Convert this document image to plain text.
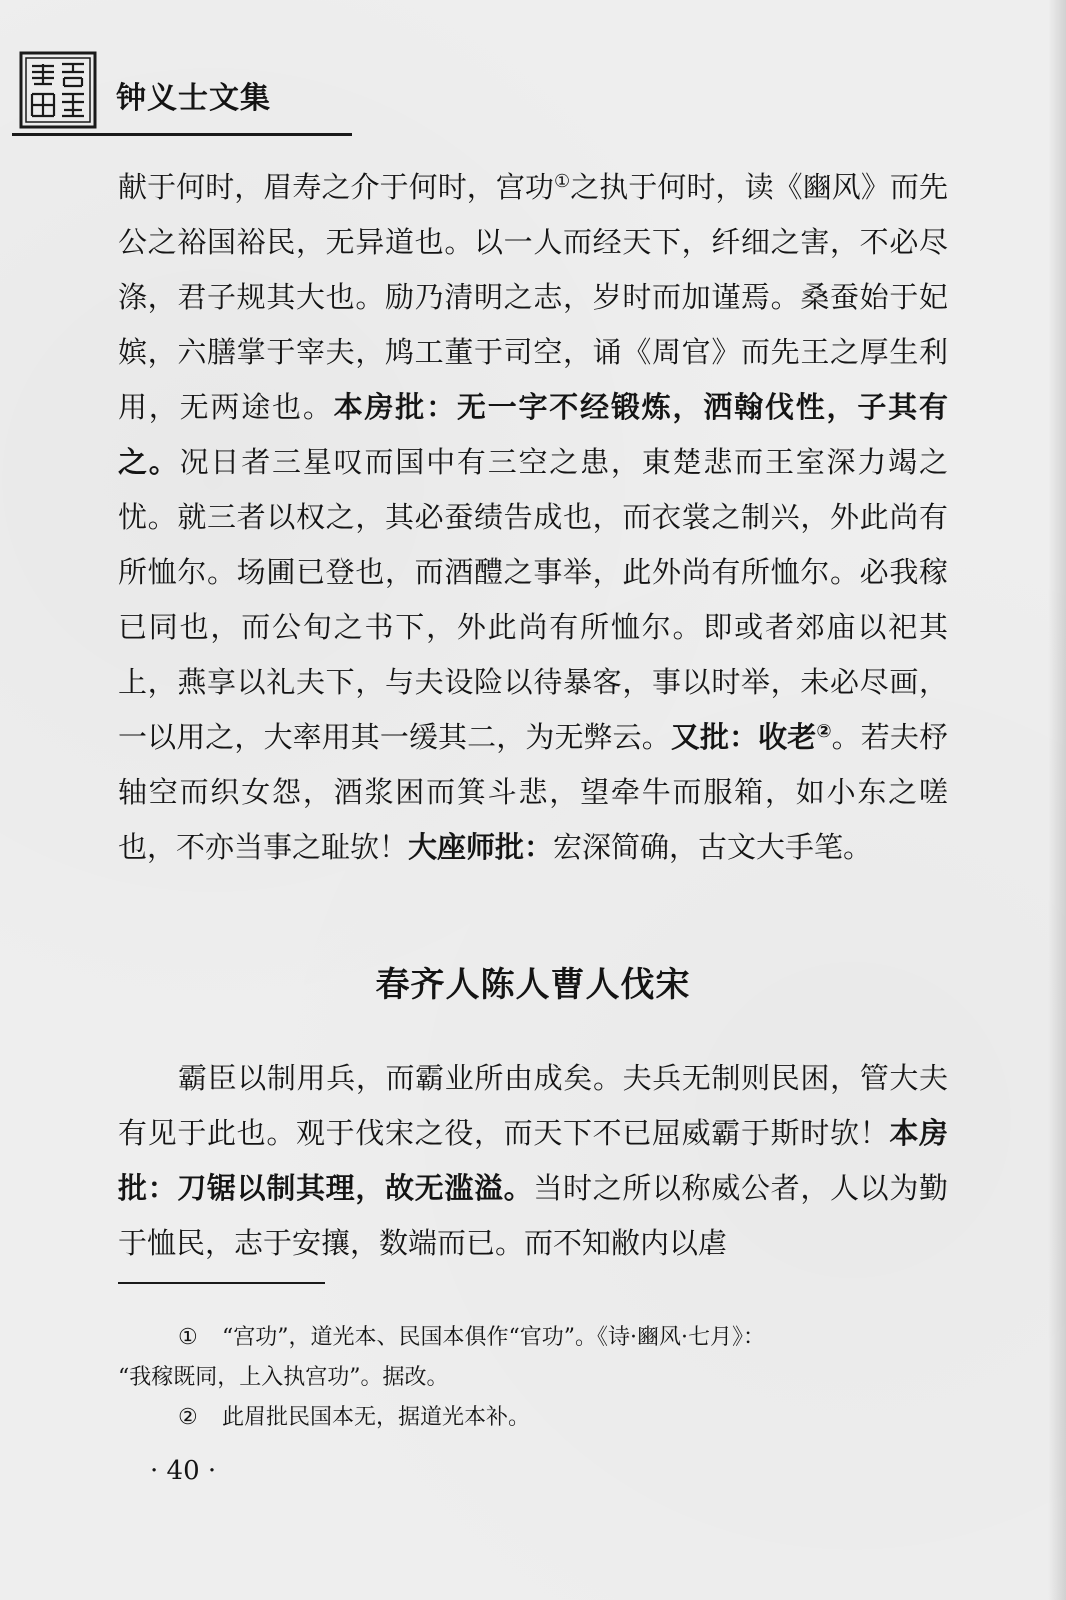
钟义士文集
献于何时，眉寿之介于何时，宫功①之执于何时，读《豳风》而先公之裕国裕民，无异道也。以一人而经天下，纤细之害，不必尽涤，君子规其大也。励乃清明之志，岁时而加谨焉。桑蚕始于妃嫔，六膳掌于宰夫，鸠工董于司空，诵《周官》而先王之厚生利用，无两途也。本房批：无一字不经锻炼，洒翰伐性，子其有之。况日者三星叹而国中有三空之患，東楚悲而王室深力竭之忧。就三者以权之，其必蚕绩告成也，而衣裳之制兴，外此尚有所恤尔。场圃已登也，而酒醴之事举，此外尚有所恤尔。必我稼已同也，而公旬之书下，外此尚有所恤尔。即或者郊庙以祀其上，燕享以礼夫下，与夫设险以待暴客，事以时举，未必尽画，一以用之，大率用其一缓其二，为无弊云。又批：收老②。若夫杼轴空而织女怨，酒浆困而箕斗悲，望牵牛而服箱，如小东之嗟也，不亦当事之耻欤！大座师批：宏深简确，古文大手笔。
春齐人陈人曹人伐宋
霸臣以制用兵，而霸业所由成矣。夫兵无制则民困，管大夫有见于此也。观于伐宋之役，而天下不已屈威霸于斯时欤！本房批：刀锯以制其理，故无滥溢。当时之所以称威公者，人以为勤于恤民，志于安攘，数端而已。而不知敝内以虐

① “宫功”，道光本、民国本俱作“官功”。《诗·豳风·七月》：

“我稼既同，上入执宫功”。据改。

② 此眉批民国本无，据道光本补。

· 40 ·
